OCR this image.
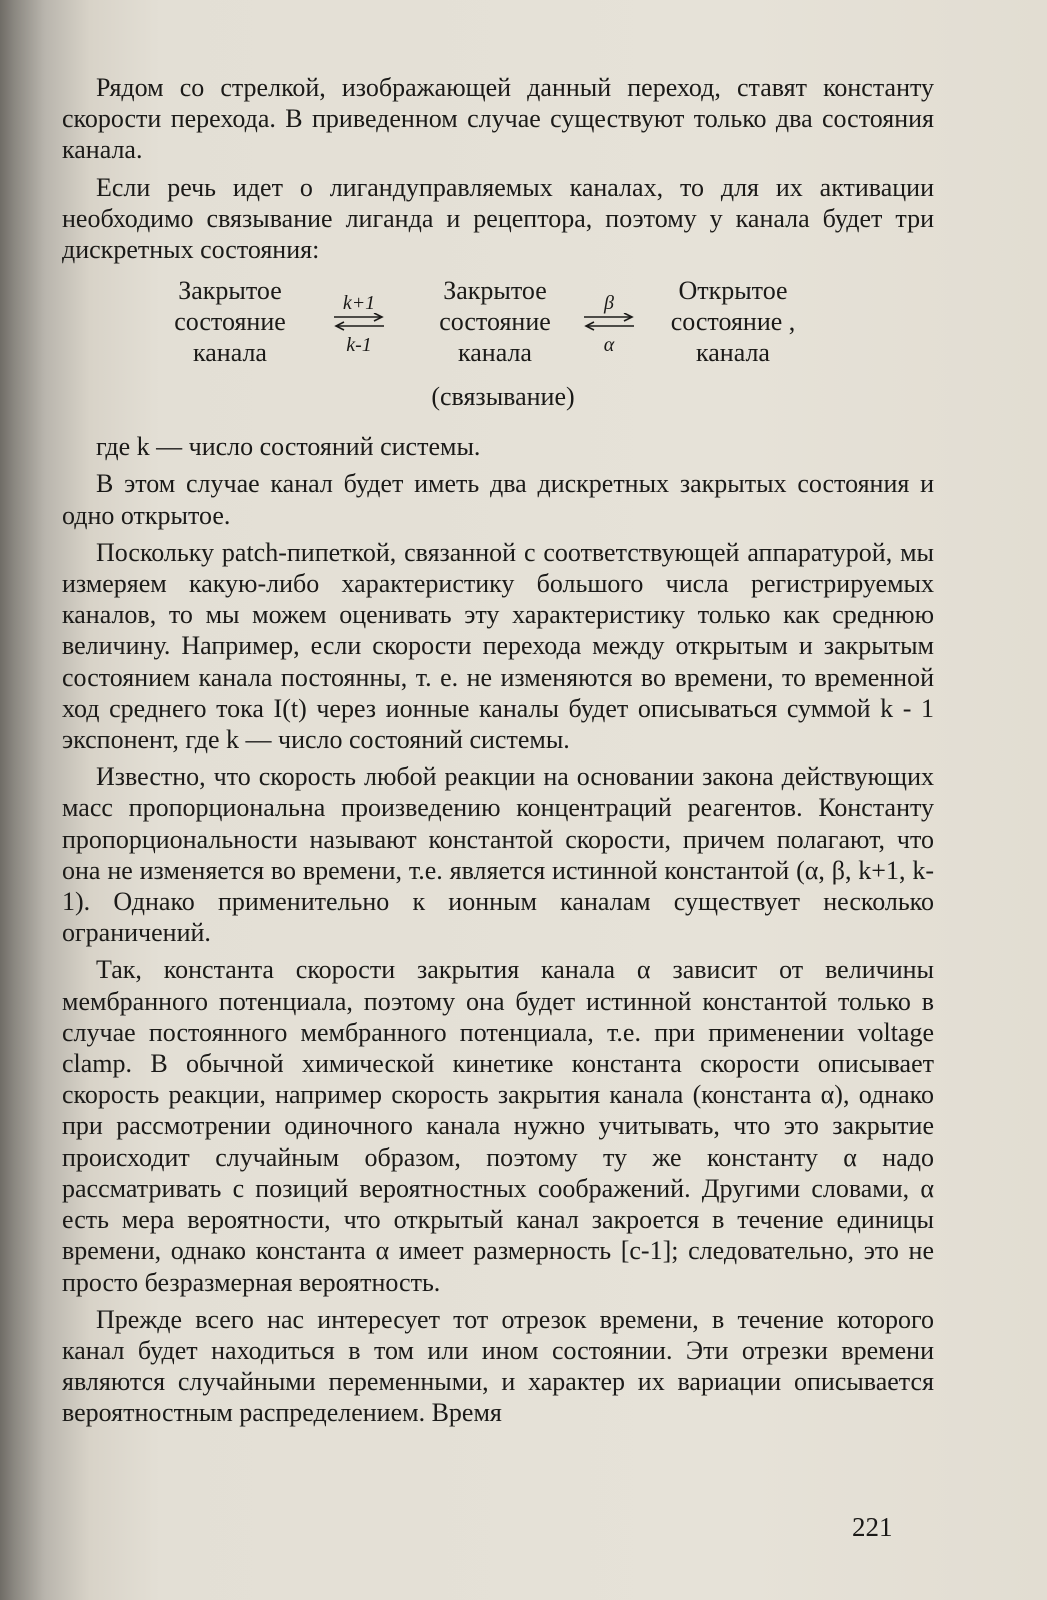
Рядом со стрелкой, изображающей данный переход, ставят константу скорости перехода. В приведенном случае существуют только два состояния канала.

Если речь идет о лигандуправляемых каналах, то для их активации необходимо связывание лиганда и рецептора, поэтому у канала будет три дискретных состояния:

Закрытое
состояние
канала
k+1
k-1
Закрытое
состояние
канала
β
α
Открытое
состояние ,
канала
(связывание)

где k — число состояний системы.

В этом случае канал будет иметь два дискретных закрытых состояния и одно открытое.

Поскольку patch-пипеткой, связанной с соответствующей аппаратурой, мы измеряем какую-либо характеристику большого числа регистрируемых каналов, то мы можем оценивать эту характеристику только как среднюю величину. Например, если скорости перехода между открытым и закрытым состоянием канала постоянны, т. е. не изменяются во времени, то временной ход среднего тока I(t) через ионные каналы будет описываться суммой k - 1 экспонент, где k — число состояний системы.

Известно, что скорость любой реакции на основании закона действующих масс пропорциональна произведению концентраций реагентов. Константу пропорциональности называют константой скорости, причем полагают, что она не изменяется во времени, т.е. является истинной константой (α, β, k+1, k-1). Однако применительно к ионным каналам существует несколько ограничений.

Так, константа скорости закрытия канала α зависит от величины мембранного потенциала, поэтому она будет истинной константой только в случае постоянного мембранного потенциала, т.е. при применении voltage clamp. В обычной химической кинетике константа скорости описывает скорость реакции, например скорость закрытия канала (константа α), однако при рассмотрении одиночного канала нужно учитывать, что это закрытие происходит случайным образом, поэтому ту же константу α надо рассматривать с позиций вероятностных соображений. Другими словами, α есть мера вероятности, что открытый канал закроется в течение единицы времени, однако константа α имеет размерность [с-1]; следовательно, это не просто безразмерная вероятность.

Прежде всего нас интересует тот отрезок времени, в течение которого канал будет находиться в том или ином состоянии. Эти отрезки времени являются случайными переменными, и характер их вариации описывается вероятностным распределением. Время

221
